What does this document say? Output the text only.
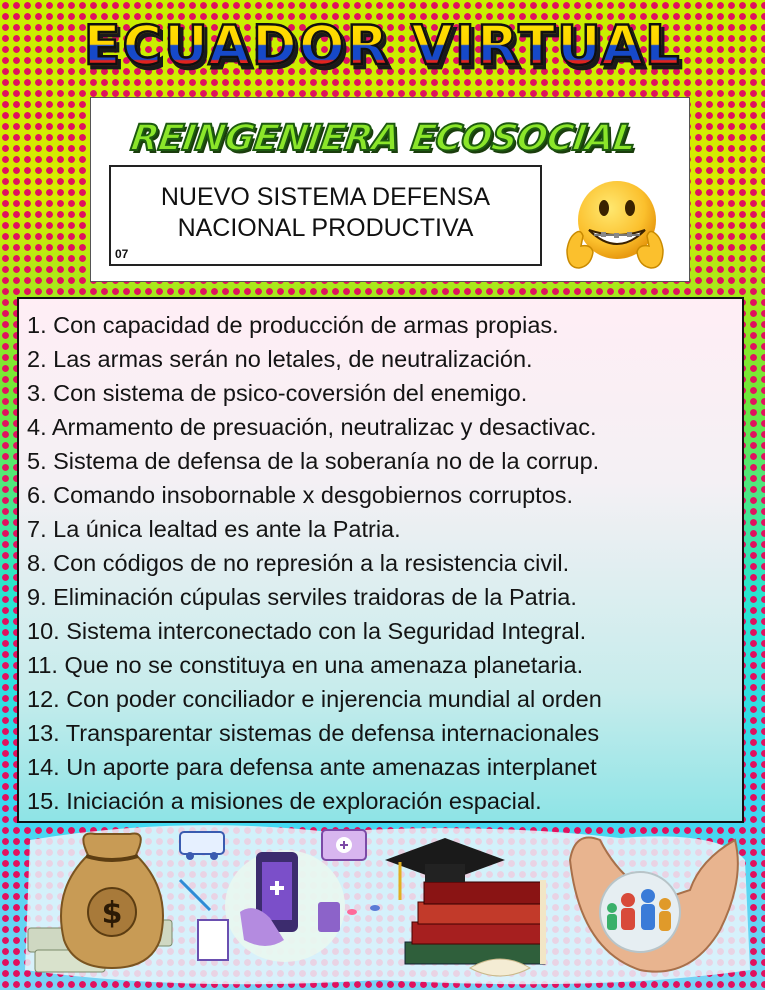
ECUADOR VIRTUAL
REINGENIERA ECOSOCIAL
NUEVO SISTEMA DEFENSA
NACIONAL PRODUCTIVA
07
1. Con capacidad de producción de armas propias.
2. Las armas serán no letales, de neutralización.
3. Con sistema de psico-coversión del enemigo.
4. Armamento de presuación, neutralizac y desactivac.
5. Sistema de defensa de la soberanía no de la corrup.
6. Comando insobornable x desgobiernos corruptos.
7. La única lealtad es ante la Patria.
8. Con códigos de no represión a la resistencia civil.
9. Eliminación cúpulas serviles traidoras de la Patria.
10. Sistema interconectado con la Seguridad Integral.
11. Que no se constituya en una amenaza planetaria.
12. Con poder conciliador e injerencia mundial al orden
13. Transparentar sistemas de defensa internacionales
14. Un aporte para defensa ante amenazas interplanet
15. Iniciación a misiones de exploración espacial.
$
